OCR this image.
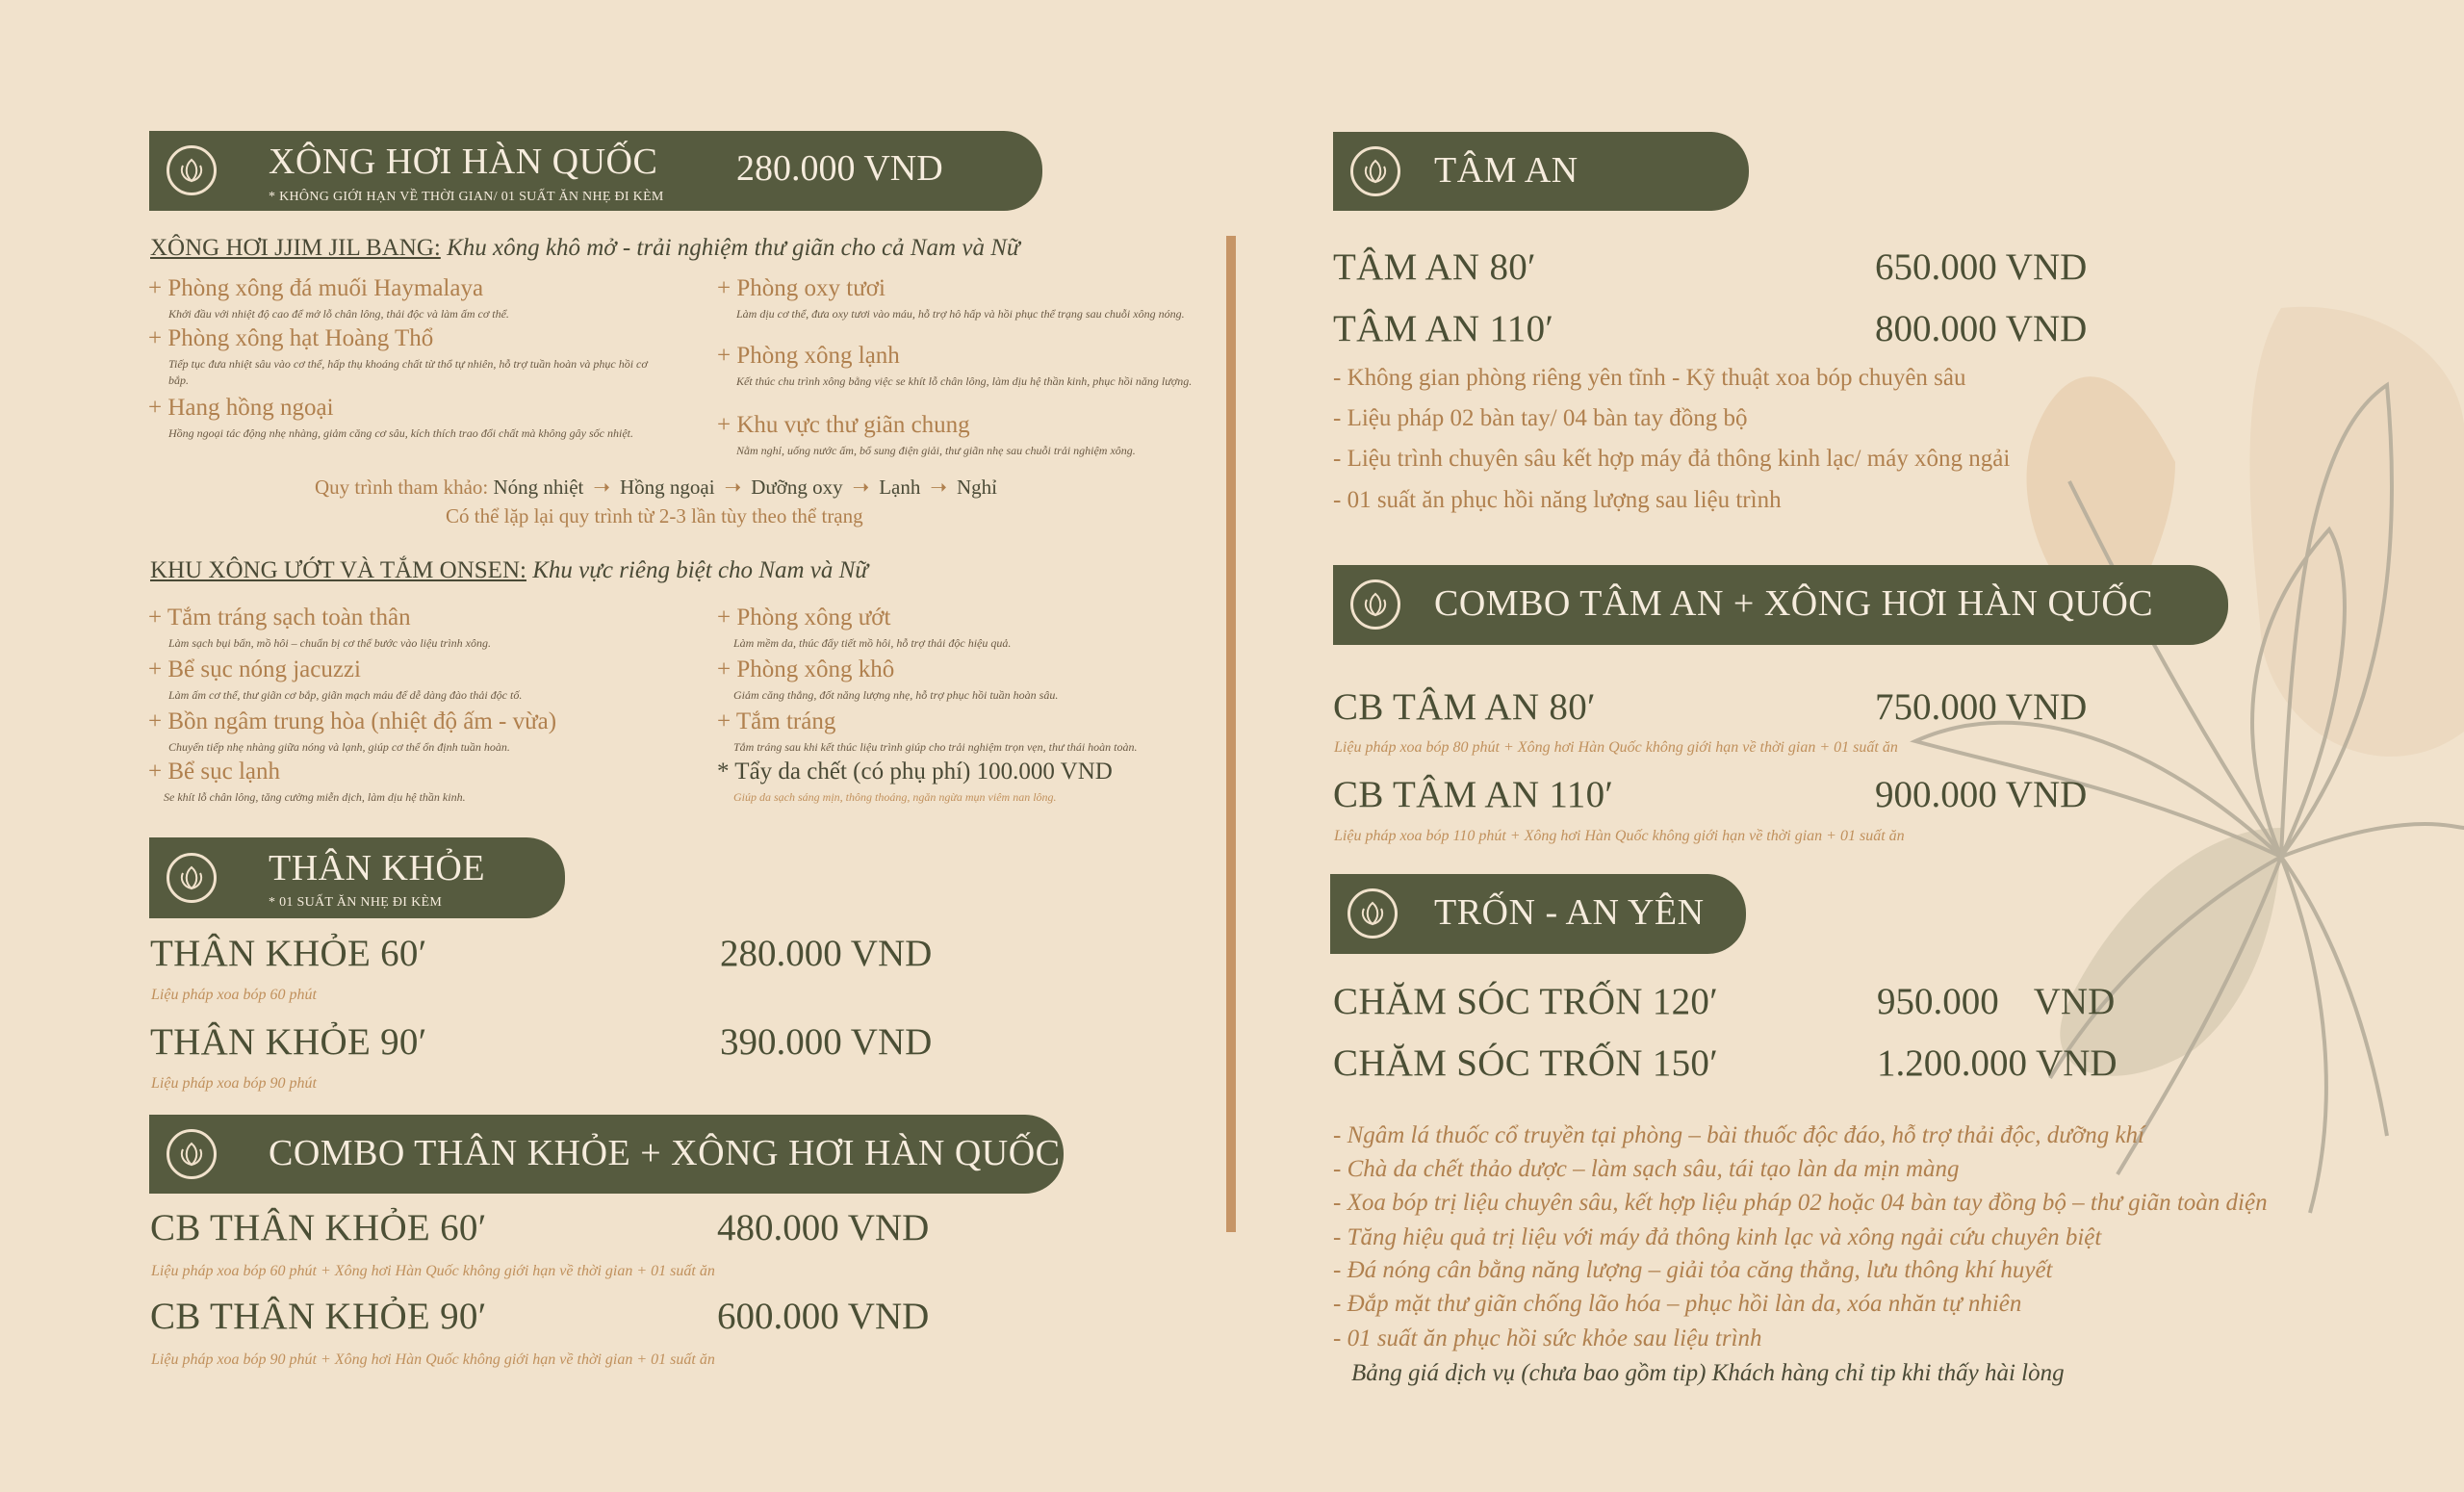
XÔNG HƠI HÀN QUỐC
* KHÔNG GIỚI HẠN VỀ THỜI GIAN/ 01 SUẤT ĂN NHẸ ĐI KÈM
280.000 VND
XÔNG HƠI JJIM JIL BANG: Khu xông khô mở - trải nghiệm thư giãn cho cả Nam và Nữ
+ Phòng xông đá muối Haymalaya
Khởi đầu với nhiệt độ cao để mở lỗ chân lông, thải độc và làm ấm cơ thể.
+ Phòng xông hạt Hoàng Thổ
Tiếp tục đưa nhiệt sâu vào cơ thể, hấp thụ khoáng chất từ thổ tự nhiên, hỗ trợ tuần hoàn và phục hồi cơ bắp.
+ Hang hồng ngoại
Hồng ngoại tác động nhẹ nhàng, giảm căng cơ sâu, kích thích trao đổi chất mà không gây sốc nhiệt.
+ Phòng oxy tươi
Làm dịu cơ thể, đưa oxy tươi vào máu, hỗ trợ hô hấp và hồi phục thể trạng sau chuỗi xông nóng.
+ Phòng xông lạnh
Kết thúc chu trình xông bằng việc se khít lỗ chân lông, làm dịu hệ thần kinh, phục hồi năng lượng.
+ Khu vực thư giãn chung
Nằm nghỉ, uống nước ấm, bổ sung điện giải, thư giãn nhẹ sau chuỗi trải nghiệm xông.
Quy trình tham khảo: Nóng nhiệt ➝ Hồng ngoại ➝ Dưỡng oxy ➝ Lạnh ➝ Nghỉ
Có thể lặp lại quy trình từ 2-3 lần tùy theo thể trạng
KHU XÔNG ƯỚT VÀ TẮM ONSEN: Khu vực riêng biệt cho Nam và Nữ
+ Tắm tráng sạch toàn thân
Làm sạch bụi bẩn, mồ hôi – chuẩn bị cơ thể bước vào liệu trình xông.
+ Bể sục nóng jacuzzi
Làm ấm cơ thể, thư giãn cơ bắp, giãn mạch máu để dễ dàng đào thải độc tố.
+ Bồn ngâm trung hòa (nhiệt độ ấm - vừa)
Chuyển tiếp nhẹ nhàng giữa nóng và lạnh, giúp cơ thể ổn định tuần hoàn.
+ Bể sục lạnh
Se khít lỗ chân lông, tăng cường miễn dịch, làm dịu hệ thần kinh.
+ Phòng xông ướt
Làm mềm da, thúc đẩy tiết mồ hôi, hỗ trợ thải độc hiệu quả.
+ Phòng xông khô
Giảm căng thẳng, đốt năng lượng nhẹ, hỗ trợ phục hồi tuần hoàn sâu.
+ Tắm tráng
Tắm tráng sau khi kết thúc liệu trình giúp cho trải nghiệm trọn vẹn, thư thái hoàn toàn.
* Tẩy da chết (có phụ phí) 100.000 VND
Giúp da sạch sáng mịn, thông thoáng, ngăn ngừa mụn viêm nan lông.
THÂN KHỎE
* 01 SUẤT ĂN NHẸ ĐI KÈM
THÂN KHỎE 60′	280.000 VND
Liệu pháp xoa bóp 60 phút
THÂN KHỎE 90′	390.000 VND
Liệu pháp xoa bóp 90 phút
COMBO THÂN KHỎE + XÔNG HƠI HÀN QUỐC
CB THÂN KHỎE 60′	480.000 VND
Liệu pháp xoa bóp 60 phút + Xông hơi Hàn Quốc không giới hạn về thời gian + 01 suất ăn
CB THÂN KHỎE 90′	600.000 VND
Liệu pháp xoa bóp 90 phút + Xông hơi Hàn Quốc không giới hạn về thời gian + 01 suất ăn
TÂM AN
TÂM AN 80′	650.000 VND
TÂM AN 110′	800.000 VND
- Không gian phòng riêng yên tĩnh - Kỹ thuật xoa bóp chuyên sâu
- Liệu pháp 02 bàn tay/ 04 bàn tay đồng bộ
- Liệu trình chuyên sâu kết hợp máy đả thông kinh lạc/ máy xông ngải
- 01 suất ăn phục hồi năng lượng sau liệu trình
COMBO TÂM AN + XÔNG HƠI HÀN QUỐC
CB TÂM AN 80′	750.000 VND
Liệu pháp xoa bóp 80 phút + Xông hơi Hàn Quốc không giới hạn về thời gian + 01 suất ăn
CB TÂM AN 110′	900.000 VND
Liệu pháp xoa bóp 110 phút + Xông hơi Hàn Quốc không giới hạn về thời gian + 01 suất ăn
TRỐN - AN YÊN
CHĂM SÓC TRỐN 120′	950.000 VND
CHĂM SÓC TRỐN 150′	1.200.000 VND
- Ngâm lá thuốc cổ truyền tại phòng – bài thuốc độc đáo, hỗ trợ thải độc, dưỡng khí
- Chà da chết thảo dược – làm sạch sâu, tái tạo làn da mịn màng
- Xoa bóp trị liệu chuyên sâu, kết hợp liệu pháp 02 hoặc 04 bàn tay đồng bộ – thư giãn toàn diện
- Tăng hiệu quả trị liệu với máy đả thông kinh lạc và xông ngải cứu chuyên biệt
- Đá nóng cân bằng năng lượng – giải tỏa căng thẳng, lưu thông khí huyết
- Đắp mặt thư giãn chống lão hóa – phục hồi làn da, xóa nhăn tự nhiên
- 01 suất ăn phục hồi sức khỏe sau liệu trình
Bảng giá dịch vụ (chưa bao gồm tip) Khách hàng chỉ tip khi thấy hài lòng
